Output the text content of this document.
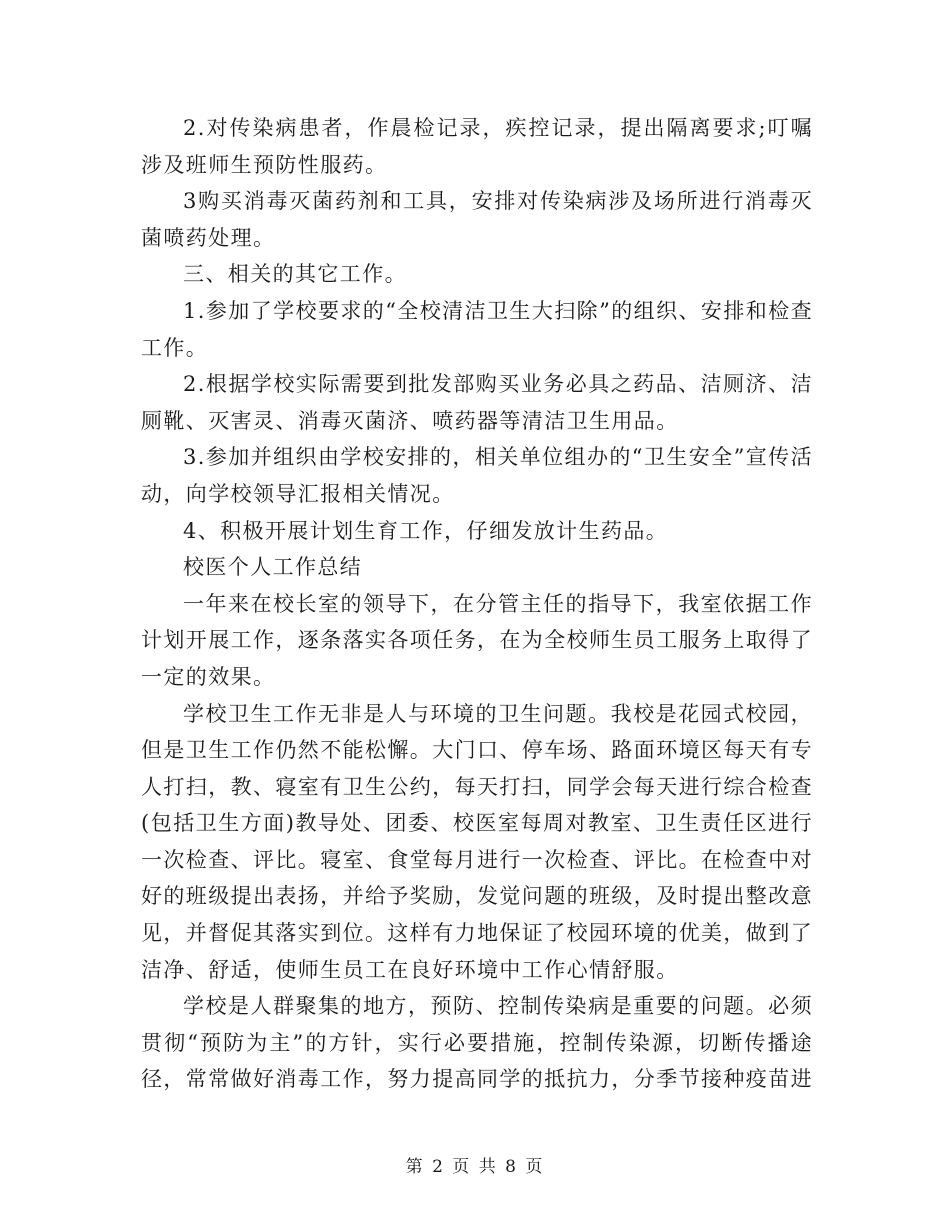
2.对传染病患者，作晨检记录，疾控记录，提出隔离要求;叮嘱涉及班师生预防性服药。

3购买消毒灭菌药剂和工具，安排对传染病涉及场所进行消毒灭菌喷药处理。

三、相关的其它工作。

1.参加了学校要求的“全校清洁卫生大扫除”的组织、安排和检查工作。

2.根据学校实际需要到批发部购买业务必具之药品、洁厕济、洁厕靴、灭害灵、消毒灭菌济、喷药器等清洁卫生用品。

3.参加并组织由学校安排的，相关单位组办的“卫生安全”宣传活动，向学校领导汇报相关情况。

4、积极开展计划生育工作，仔细发放计生药品。

校医个人工作总结

一年来在校长室的领导下，在分管主任的指导下，我室依据工作计划开展工作，逐条落实各项任务，在为全校师生员工服务上取得了一定的效果。

学校卫生工作无非是人与环境的卫生问题。我校是花园式校园，但是卫生工作仍然不能松懈。大门口、停车场、路面环境区每天有专人打扫，教、寝室有卫生公约，每天打扫，同学会每天进行综合检查(包括卫生方面)教导处、团委、校医室每周对教室、卫生责任区进行一次检查、评比。寝室、食堂每月进行一次检查、评比。在检查中对好的班级提出表扬，并给予奖励，发觉问题的班级，及时提出整改意见，并督促其落实到位。这样有力地保证了校园环境的优美，做到了洁净、舒适，使师生员工在良好环境中工作心情舒服。

学校是人群聚集的地方，预防、控制传染病是重要的问题。必须贯彻“预防为主”的方针，实行必要措施，控制传染源，切断传播途径，常常做好消毒工作，努力提高同学的抵抗力，分季节接种疫苗进

第 2 页 共 8 页
